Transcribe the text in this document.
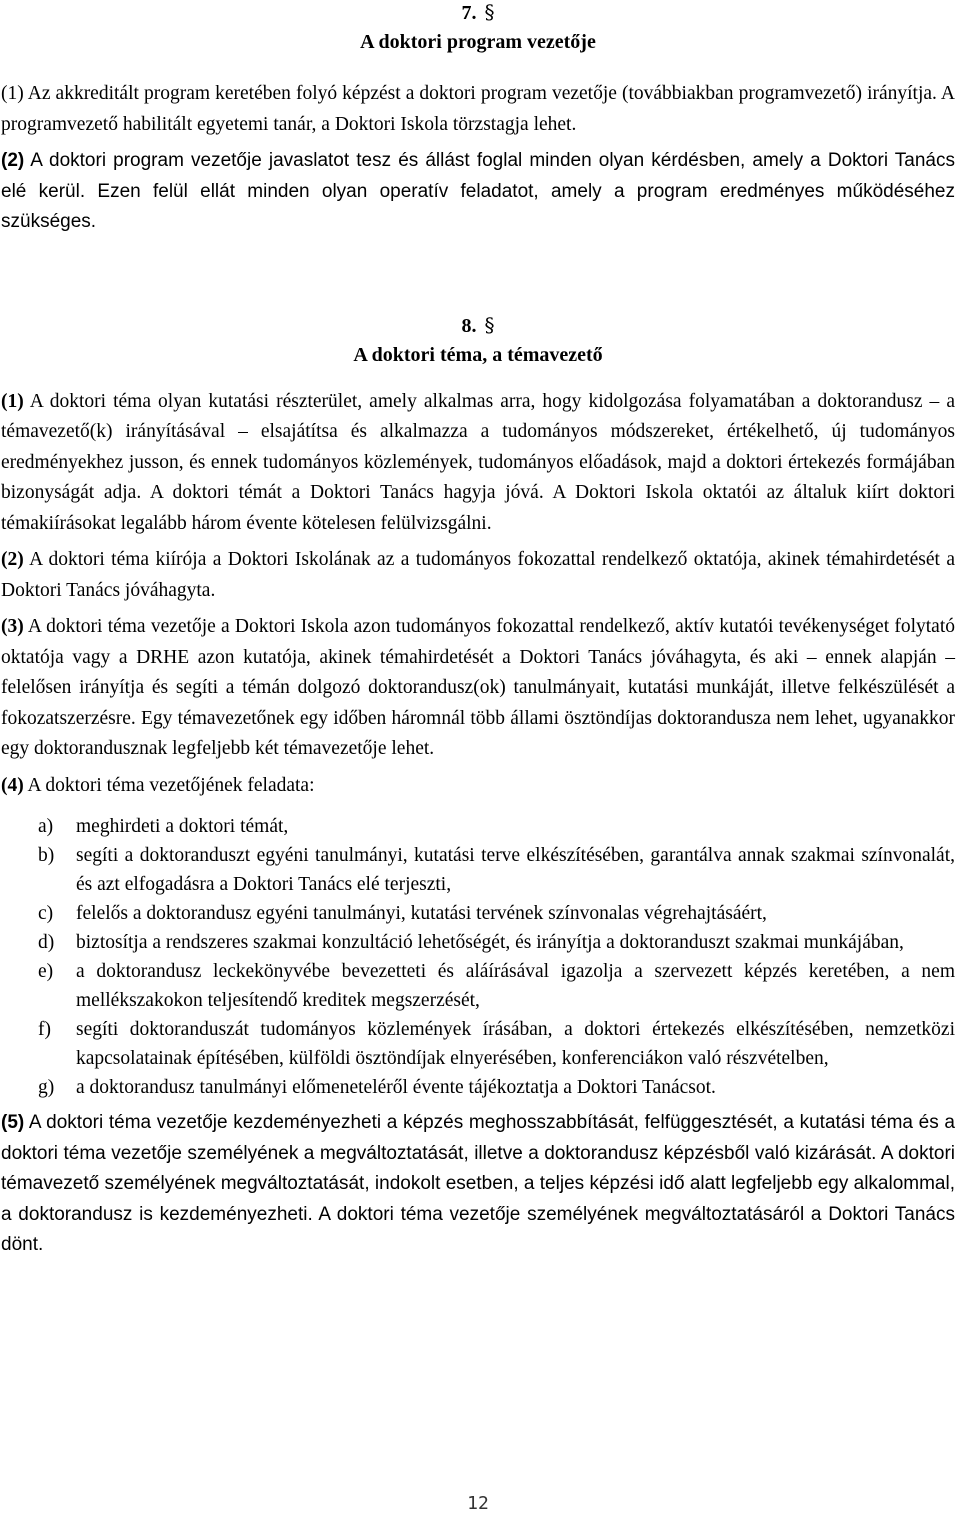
7. §
A doktori program vezetője

(1) Az akkreditált program keretében folyó képzést a doktori program vezetője (továbbiakban programvezető) irányítja. A programvezető habilitált egyetemi tanár, a Doktori Iskola törzstagja lehet.

(2) A doktori program vezetője javaslatot tesz és állást foglal minden olyan kérdésben, amely a Doktori Tanács elé kerül. Ezen felül ellát minden olyan operatív feladatot, amely a program eredményes működéséhez szükséges.

8. §
A doktori téma, a témavezető

(1) A doktori téma olyan kutatási részterület, amely alkalmas arra, hogy kidolgozása folyamatában a doktorandusz – a témavezető(k) irányításával – elsajátítsa és alkalmazza a tudományos módszereket, értékelhető, új tudományos eredményekhez jusson, és ennek tudományos közlemények, tudományos előadások, majd a doktori értekezés formájában bizonyságát adja. A doktori témát a Doktori Tanács hagyja jóvá. A Doktori Iskola oktatói az általuk kiírt doktori témakiírásokat legalább három évente kötelesen felülvizsgálni.

(2) A doktori téma kiírója a Doktori Iskolának az a tudományos fokozattal rendelkező oktatója, akinek témahirdetését a Doktori Tanács jóváhagyta.

(3) A doktori téma vezetője a Doktori Iskola azon tudományos fokozattal rendelkező, aktív kutatói tevékenységet folytató oktatója vagy a DRHE azon kutatója, akinek témahirdetését a Doktori Tanács jóváhagyta, és aki – ennek alapján – felelősen irányítja és segíti a témán dolgozó doktorandusz(ok) tanulmányait, kutatási munkáját, illetve felkészülését a fokozatszerzésre. Egy témavezetőnek egy időben háromnál több állami ösztöndíjas doktorandusza nem lehet, ugyanakkor egy doktorandusznak legfeljebb két témavezetője lehet.

(4) A doktori téma vezetőjének feladata:

a) meghirdeti a doktori témát,
b) segíti a doktoranduszt egyéni tanulmányi, kutatási terve elkészítésében, garantálva annak szakmai színvonalát, és azt elfogadásra a Doktori Tanács elé terjeszti,
c) felelős a doktorandusz egyéni tanulmányi, kutatási tervének színvonalas végrehajtásáért,
d) biztosítja a rendszeres szakmai konzultáció lehetőségét, és irányítja a doktoranduszt szakmai munkájában,
e) a doktorandusz leckekönyvébe bevezetteti és aláírásával igazolja a szervezett képzés keretében, a nem mellékszakokon teljesítendő kreditek megszerzését,
f) segíti doktoranduszát tudományos közlemények írásában, a doktori értekezés elkészítésében, nemzetközi kapcsolatainak építésében, külföldi ösztöndíjak elnyerésében, konferenciákon való részvételben,
g) a doktorandusz tanulmányi előmeneteléről évente tájékoztatja a Doktori Tanácsot.

(5) A doktori téma vezetője kezdeményezheti a képzés meghosszabbítását, felfüggesztését, a kutatási téma és a doktori téma vezetője személyének a megváltoztatását, illetve a doktorandusz képzésből való kizárását. A doktori témavezető személyének megváltoztatását, indokolt esetben, a teljes képzési idő alatt legfeljebb egy alkalommal, a doktorandusz is kezdeményezheti. A doktori téma vezetője személyének megváltoztatásáról a Doktori Tanács dönt.

12
